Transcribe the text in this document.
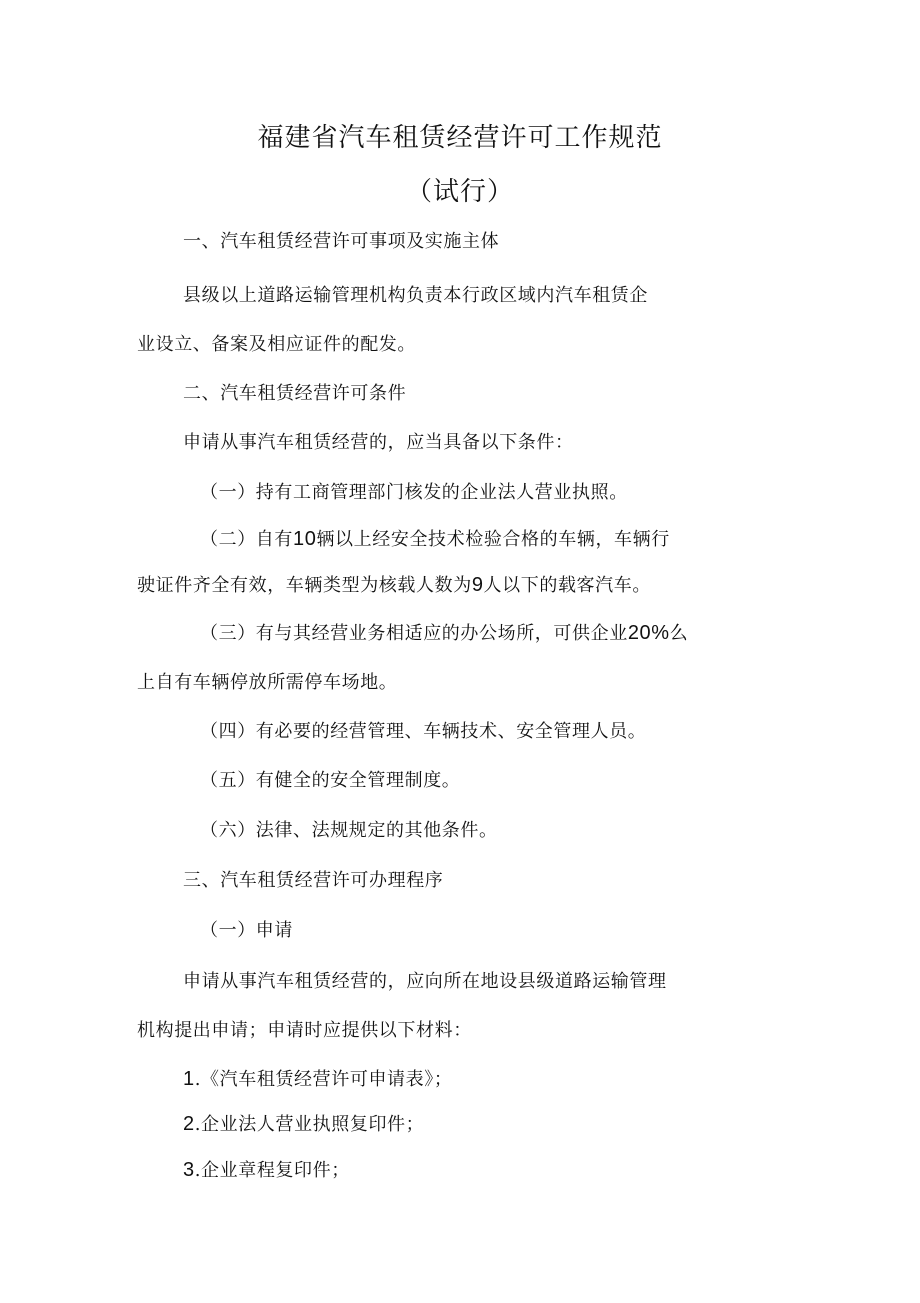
福建省汽车租赁经营许可工作规范
（试行）
一、汽车租赁经营许可事项及实施主体
县级以上道路运输管理机构负责本行政区域内汽车租赁企
业设立、备案及相应证件的配发。
二、汽车租赁经营许可条件
申请从事汽车租赁经营的，应当具备以下条件：
（一）持有工商管理部门核发的企业法人营业执照。
（二）自有10辆以上经安全技术检验合格的车辆，车辆行
驶证件齐全有效，车辆类型为核载人数为9人以下的载客汽车。
（三）有与其经营业务相适应的办公场所，可供企业20%么
上自有车辆停放所需停车场地。
（四）有必要的经营管理、车辆技术、安全管理人员。
（五）有健全的安全管理制度。
（六）法律、法规规定的其他条件。
三、汽车租赁经营许可办理程序
（一）申请
申请从事汽车租赁经营的，应向所在地设县级道路运输管理
机构提出申请；申请时应提供以下材料：
1.《汽车租赁经营许可申请表》；
2.企业法人营业执照复印件；
3.企业章程复印件；
